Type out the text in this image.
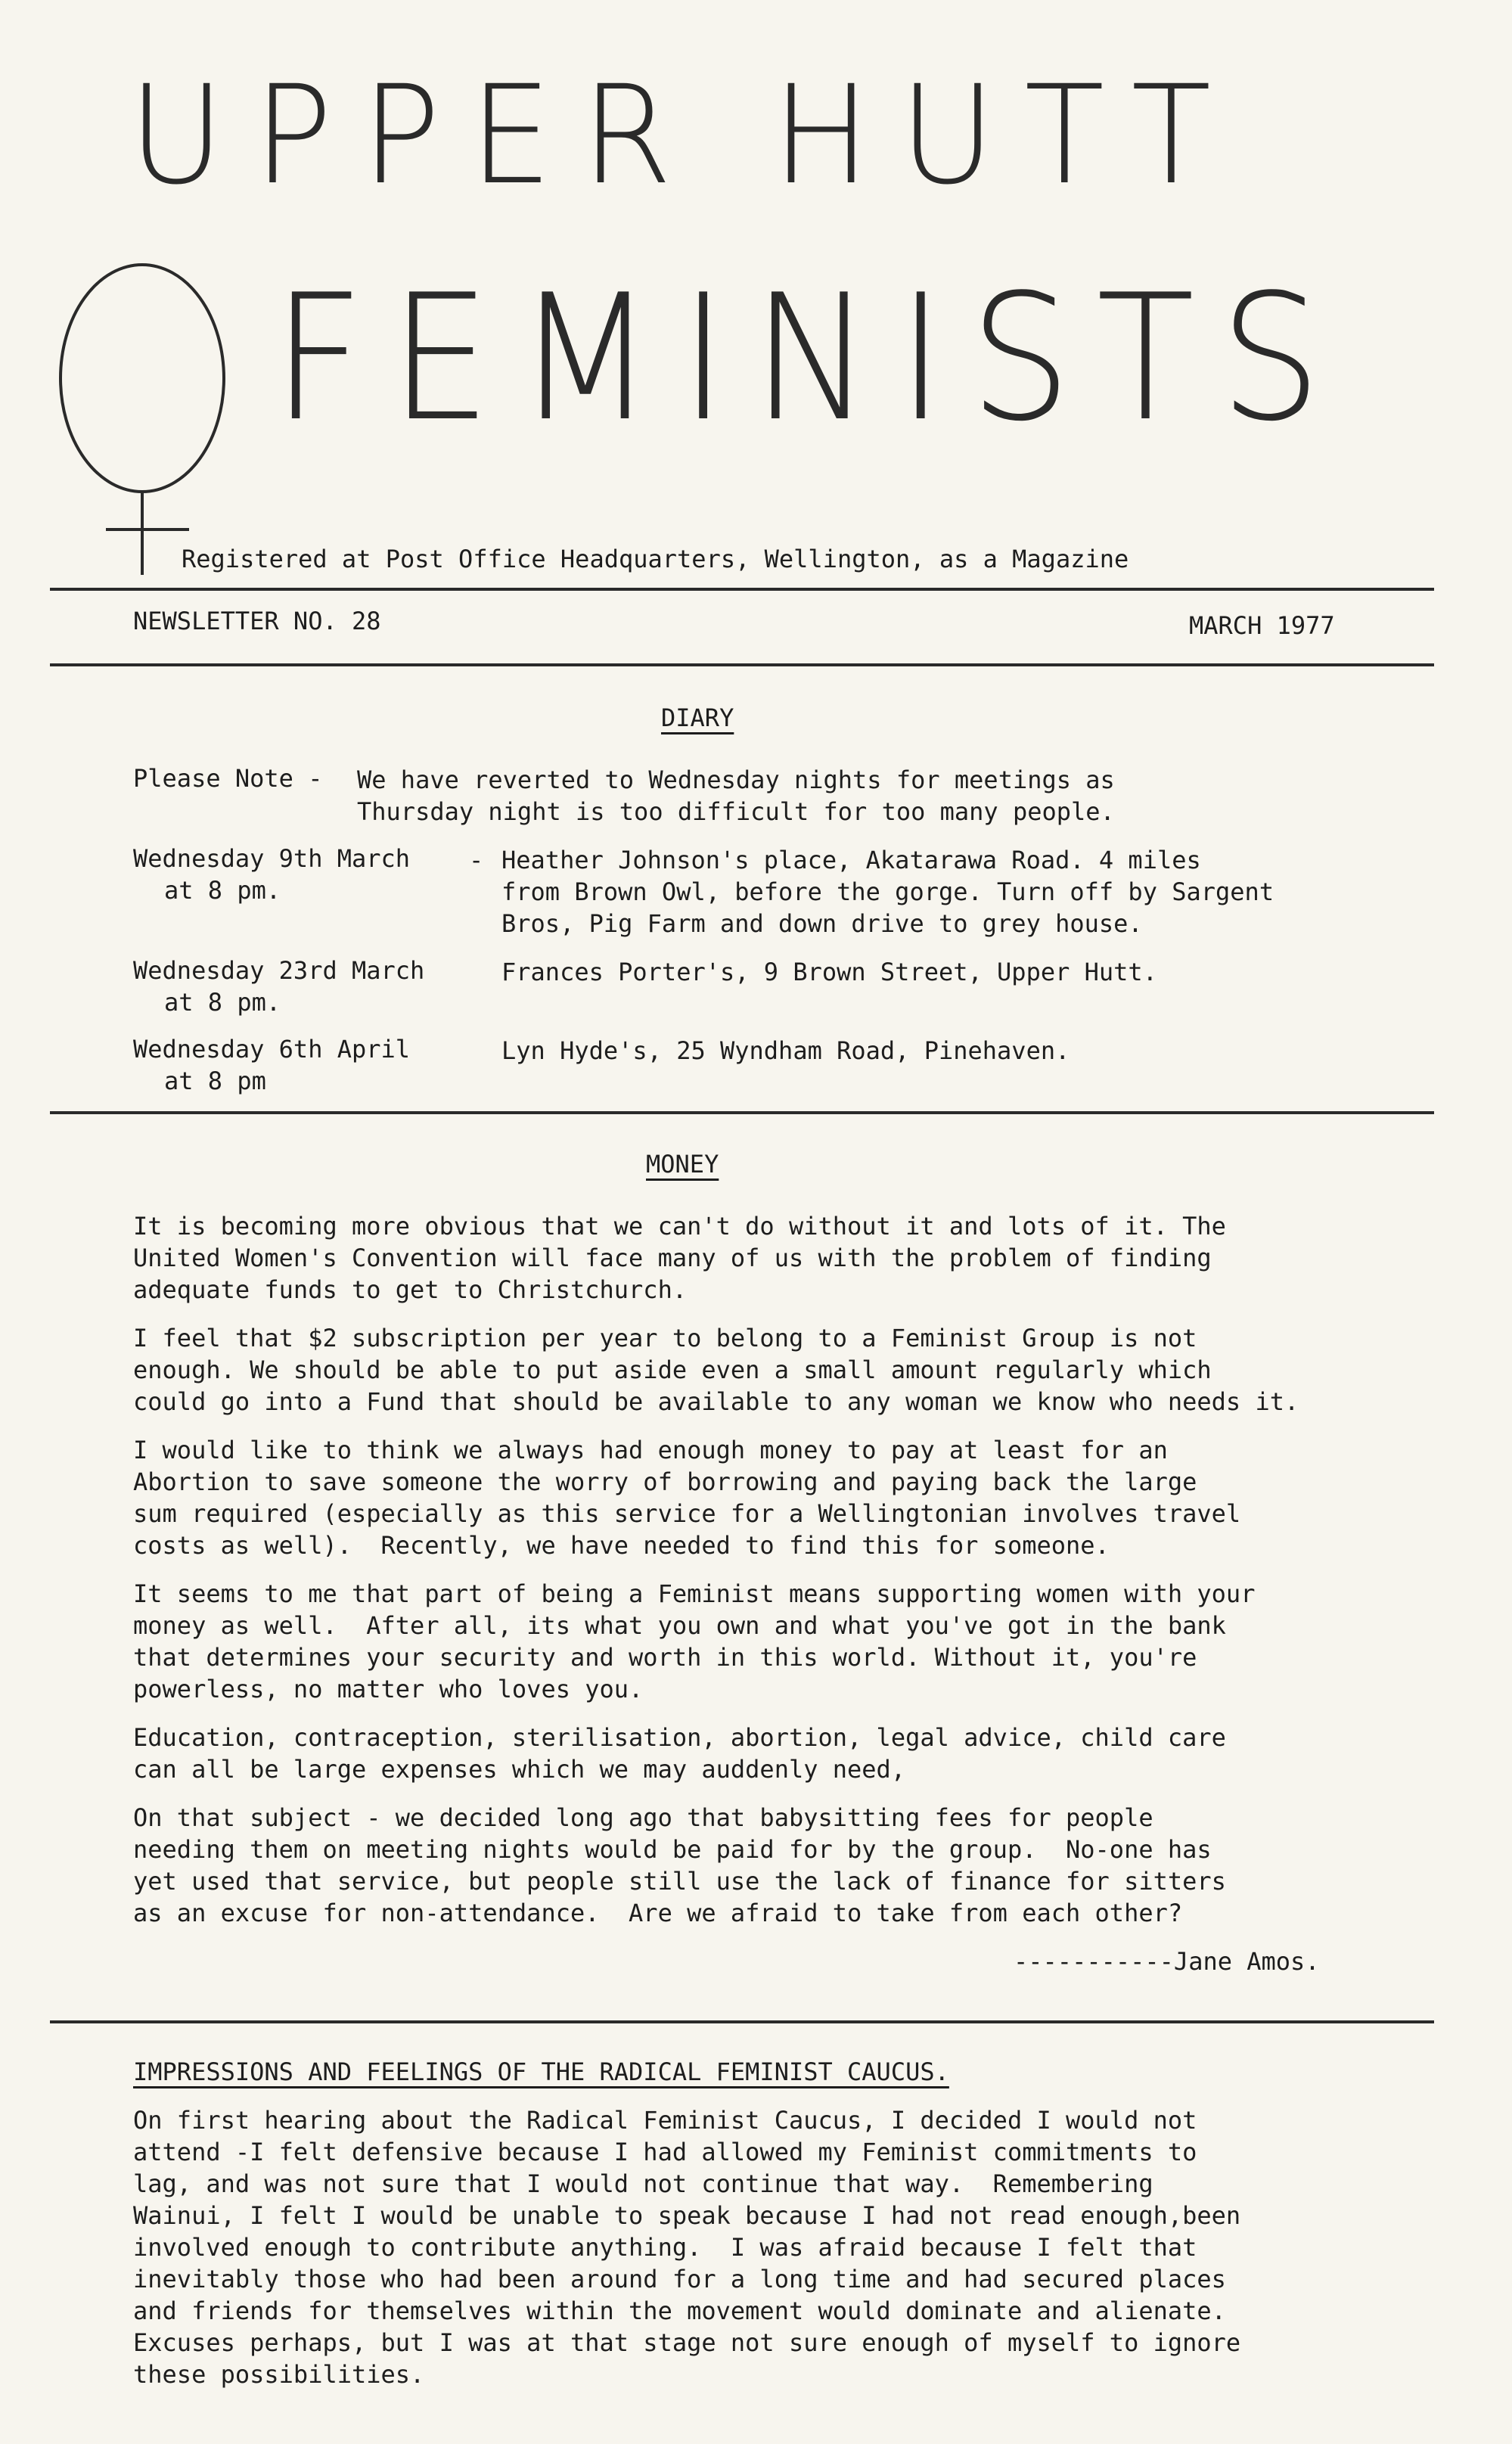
UPPER HUTT
FEMINISTS
Registered at Post Office Headquarters, Wellington, as a Magazine
NEWSLETTER NO. 28	MARCH 1977
DIARY
Please Note - We have reverted to Wednesday nights for meetings as
Thursday night is too difficult for too many people.
Wednesday 9th March
at 8 pm.
- Heather Johnson's place, Akatarawa Road. 4 miles
from Brown Owl, before the gorge. Turn off by Sargent
Bros, Pig Farm and down drive to grey house.
Wednesday 23rd March
at 8 pm.
Frances Porter's, 9 Brown Street, Upper Hutt.
Wednesday 6th April
at 8 pm
Lyn Hyde's, 25 Wyndham Road, Pinehaven.
MONEY
It is becoming more obvious that we can't do without it and lots of it. The
United Women's Convention will face many of us with the problem of finding
adequate funds to get to Christchurch.
I feel that $2 subscription per year to belong to a Feminist Group is not
enough. We should be able to put aside even a small amount regularly which
could go into a Fund that should be available to any woman we know who needs it.
I would like to think we always had enough money to pay at least for an
Abortion to save someone the worry of borrowing and paying back the large
sum required (especially as this service for a Wellingtonian involves travel
costs as well).  Recently, we have needed to find this for someone.
It seems to me that part of being a Feminist means supporting women with your
money as well.  After all, its what you own and what you've got in the bank
that determines your security and worth in this world. Without it, you're
powerless, no matter who loves you.
Education, contraception, sterilisation, abortion, legal advice, child care
can all be large expenses which we may auddenly need,
On that subject - we decided long ago that babysitting fees for people
needing them on meeting nights would be paid for by the group.  No-one has
yet used that service, but people still use the lack of finance for sitters
as an excuse for non-attendance.  Are we afraid to take from each other?
-----------Jane Amos.
IMPRESSIONS AND FEELINGS OF THE RADICAL FEMINIST CAUCUS.
On first hearing about the Radical Feminist Caucus, I decided I would not
attend -I felt defensive because I had allowed my Feminist commitments to
lag, and was not sure that I would not continue that way.  Remembering
Wainui, I felt I would be unable to speak because I had not read enough,been
involved enough to contribute anything.  I was afraid because I felt that
inevitably those who had been around for a long time and had secured places
and friends for themselves within the movement would dominate and alienate.
Excuses perhaps, but I was at that stage not sure enough of myself to ignore
these possibilities.
